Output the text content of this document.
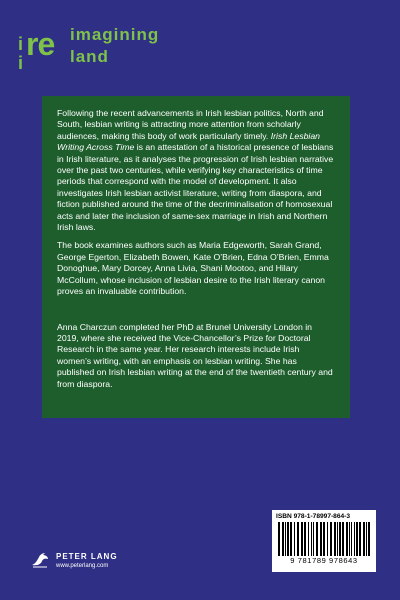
i re imagining
i	land

Following the recent advancements in Irish lesbian politics, North and South, lesbian writing is attracting more attention from scholarly audiences, making this body of work particularly timely. Irish Lesbian Writing Across Time is an attestation of a historical presence of lesbians in Irish literature, as it analyses the progression of Irish lesbian narrative over the past two centuries, while verifying key characteristics of time periods that correspond with the model of development. It also investigates Irish lesbian activist literature, writing from diaspora, and fiction published around the time of the decriminalisation of homosexual acts and later the inclusion of same-sex marriage in Irish and Northern Irish laws.

The book examines authors such as Maria Edgeworth, Sarah Grand, George Egerton, Elizabeth Bowen, Kate O’Brien, Edna O’Brien, Emma Donoghue, Mary Dorcey, Anna Livia, Shani Mootoo, and Hilary McCollum, whose inclusion of lesbian desire to the Irish literary canon proves an invaluable contribution.

Anna Charczun completed her PhD at Brunel University London in 2019, where she received the Vice-Chancellor’s Prize for Doctoral Research in the same year. Her research interests include Irish women’s writing, with an emphasis on lesbian writing. She has published on Irish lesbian writing at the end of the twentieth century and from diaspora.

ISBN 978-1-78997-864-3
9 781789 978643
PETER LANG
www.peterlang.com
